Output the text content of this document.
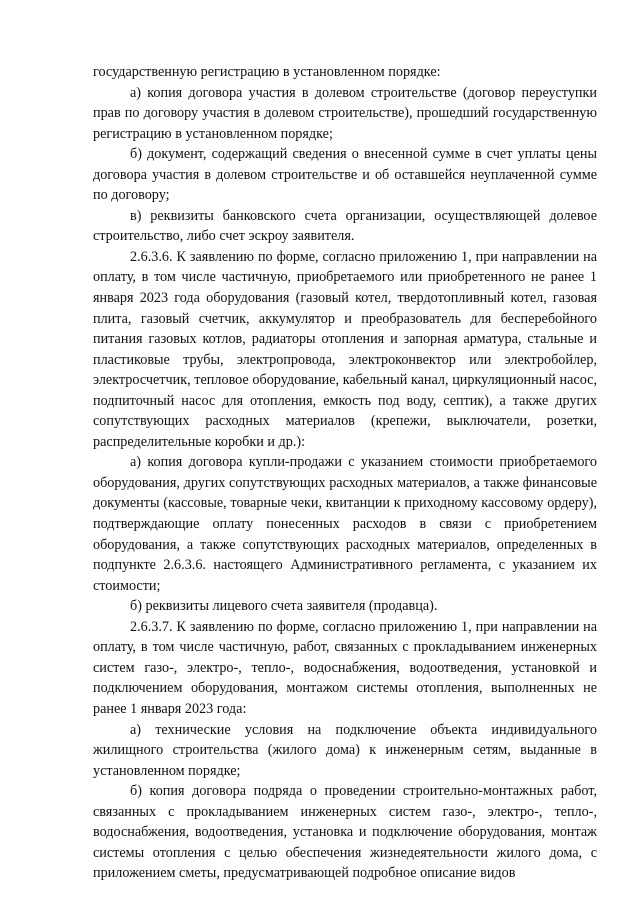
государственную регистрацию в установленном порядке:

а) копия договора участия в долевом строительстве (договор переуступки прав по договору участия в долевом строительстве), прошедший государственную регистрацию в установленном порядке;

б) документ, содержащий сведения о внесенной сумме в счет уплаты цены договора участия в долевом строительстве и об оставшейся неуплаченной сумме по договору;

в) реквизиты банковского счета организации, осуществляющей долевое строительство, либо счет эскроу заявителя.

2.6.3.6. К заявлению по форме, согласно приложению 1, при направлении на оплату, в том числе частичную, приобретаемого или приобретенного не ранее 1 января 2023 года оборудования (газовый котел, твердотопливный котел, газовая плита, газовый счетчик, аккумулятор и преобразователь для бесперебойного питания газовых котлов, радиаторы отопления и запорная арматура, стальные и пластиковые трубы, электропровода, электроконвектор или электробойлер, электросчетчик, тепловое оборудование, кабельный канал, циркуляционный насос, подпиточный насос для отопления, емкость под воду, септик), а также других сопутствующих расходных материалов (крепежи, выключатели, розетки, распределительные коробки и др.):

а) копия договора купли-продажи с указанием стоимости приобретаемого оборудования, других сопутствующих расходных материалов, а также финансовые документы (кассовые, товарные чеки, квитанции к приходному кассовому ордеру), подтверждающие оплату понесенных расходов в связи с приобретением оборудования, а также сопутствующих расходных материалов, определенных в подпункте 2.6.3.6. настоящего Административного регламента, с указанием их стоимости;

б) реквизиты лицевого счета заявителя (продавца).

2.6.3.7. К заявлению по форме, согласно приложению 1, при направлении на оплату, в том числе частичную, работ, связанных с прокладыванием инженерных систем газо-, электро-, тепло-, водоснабжения, водоотведения, установкой и подключением оборудования, монтажом системы отопления, выполненных не ранее 1 января 2023 года:

а) технические условия на подключение объекта индивидуального жилищного строительства (жилого дома) к инженерным сетям, выданные в установленном порядке;

б) копия договора подряда о проведении строительно-монтажных работ, связанных с прокладыванием инженерных систем газо-, электро-, тепло-, водоснабжения, водоотведения, установка и подключение оборудования, монтаж системы отопления с целью обеспечения жизнедеятельности жилого дома, с приложением сметы, предусматривающей подробное описание видов
